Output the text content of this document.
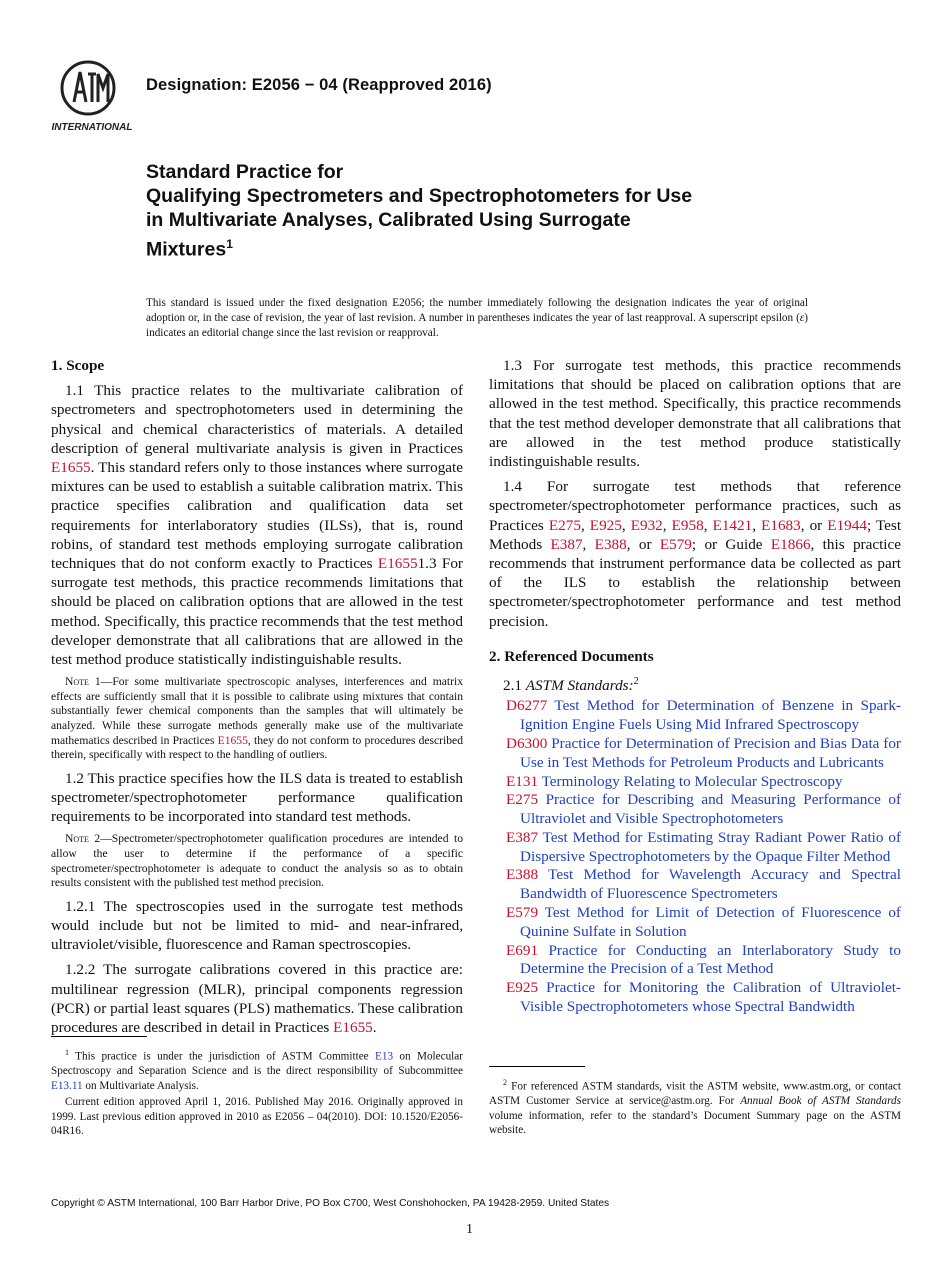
INTERNATIONAL
Designation: E2056 − 04 (Reapproved 2016)
Standard Practice for
Qualifying Spectrometers and Spectrophotometers for Use
in Multivariate Analyses, Calibrated Using Surrogate
Mixtures$^1$
This standard is issued under the fixed designation E2056; the number immediately following the designation indicates the year of original adoption or, in the case of revision, the year of last revision. A number in parentheses indicates the year of last reapproval. A superscript epsilon (ε) indicates an editorial change since the last revision or reapproval.
1. Scope

1.1 This practice relates to the multivariate calibration of spectrometers and spectrophotometers used in determining the physical and chemical characteristics of materials. A detailed description of general multivariate analysis is given in Practices E1655. This standard refers only to those instances where surrogate mixtures can be used to establish a suitable calibration matrix. This practice specifies calibration and qualification data set requirements for interlaboratory studies (ILSs), that is, round robins, of standard test methods employing surrogate calibration techniques that do not conform exactly to Practices E16551.3 For surrogate test methods, this practice recommends limitations that should be placed on calibration options that are allowed in the test method. Specifically, this practice recommends that the test method developer demonstrate that all calibrations that are allowed in the test method produce statistically indistinguishable results.

Note 1—For some multivariate spectroscopic analyses, interferences and matrix effects are sufficiently small that it is possible to calibrate using mixtures that contain substantially fewer chemical components than the samples that will ultimately be analyzed. While these surrogate methods generally make use of the multivariate mathematics described in Practices E1655, they do not conform to procedures described therein, specifically with respect to the handling of outliers.

1.2 This practice specifies how the ILS data is treated to establish spectrometer/spectrophotometer performance qualification requirements to be incorporated into standard test methods.

Note 2—Spectrometer/spectrophotometer qualification procedures are intended to allow the user to determine if the performance of a specific spectrometer/spectrophotometer is adequate to conduct the analysis so as to obtain results consistent with the published test method precision.

1.2.1 The spectroscopies used in the surrogate test methods would include but not be limited to mid- and near-infrared, ultraviolet/visible, fluorescence and Raman spectroscopies.

1.2.2 The surrogate calibrations covered in this practice are: multilinear regression (MLR), principal components regression (PCR) or partial least squares (PLS) mathematics. These calibration procedures are described in detail in Practices E1655.

1.3 For surrogate test methods, this practice recommends limitations that should be placed on calibration options that are allowed in the test method. Specifically, this practice recommends that the test method developer demonstrate that all calibrations that are allowed in the test method produce statistically indistinguishable results.

1.4 For surrogate test methods that reference spectrometer/spectrophotometer performance practices, such as Practices E275, E925, E932, E958, E1421, E1683, or E1944; Test Methods E387, E388, or E579; or Guide E1866, this practice recommends that instrument performance data be collected as part of the ILS to establish the relationship between spectrometer/spectrophotometer performance and test method precision.

2. Referenced Documents

2.1 ASTM Standards:$^2$

D6277 Test Method for Determination of Benzene in Spark-Ignition Engine Fuels Using Mid Infrared Spectroscopy
D6300 Practice for Determination of Precision and Bias Data for Use in Test Methods for Petroleum Products and Lubricants
E131 Terminology Relating to Molecular Spectroscopy
E275 Practice for Describing and Measuring Performance of Ultraviolet and Visible Spectrophotometers
E387 Test Method for Estimating Stray Radiant Power Ratio of Dispersive Spectrophotometers by the Opaque Filter Method
E388 Test Method for Wavelength Accuracy and Spectral Bandwidth of Fluorescence Spectrometers
E579 Test Method for Limit of Detection of Fluorescence of Quinine Sulfate in Solution
E691 Practice for Conducting an Interlaboratory Study to Determine the Precision of a Test Method
E925 Practice for Monitoring the Calibration of Ultraviolet-Visible Spectrophotometers whose Spectral Bandwidth

$^1$ This practice is under the jurisdiction of ASTM Committee E13 on Molecular Spectroscopy and Separation Science and is the direct responsibility of Subcommittee E13.11 on Multivariate Analysis.

Current edition approved April 1, 2016. Published May 2016. Originally approved in 1999. Last previous edition approved in 2010 as E2056 – 04(2010). DOI: 10.1520/E2056-04R16.

$^2$ For referenced ASTM standards, visit the ASTM website, www.astm.org, or contact ASTM Customer Service at service@astm.org. For Annual Book of ASTM Standards volume information, refer to the standard’s Document Summary page on the ASTM website.

Copyright © ASTM International, 100 Barr Harbor Drive, PO Box C700, West Conshohocken, PA 19428-2959. United States
1
